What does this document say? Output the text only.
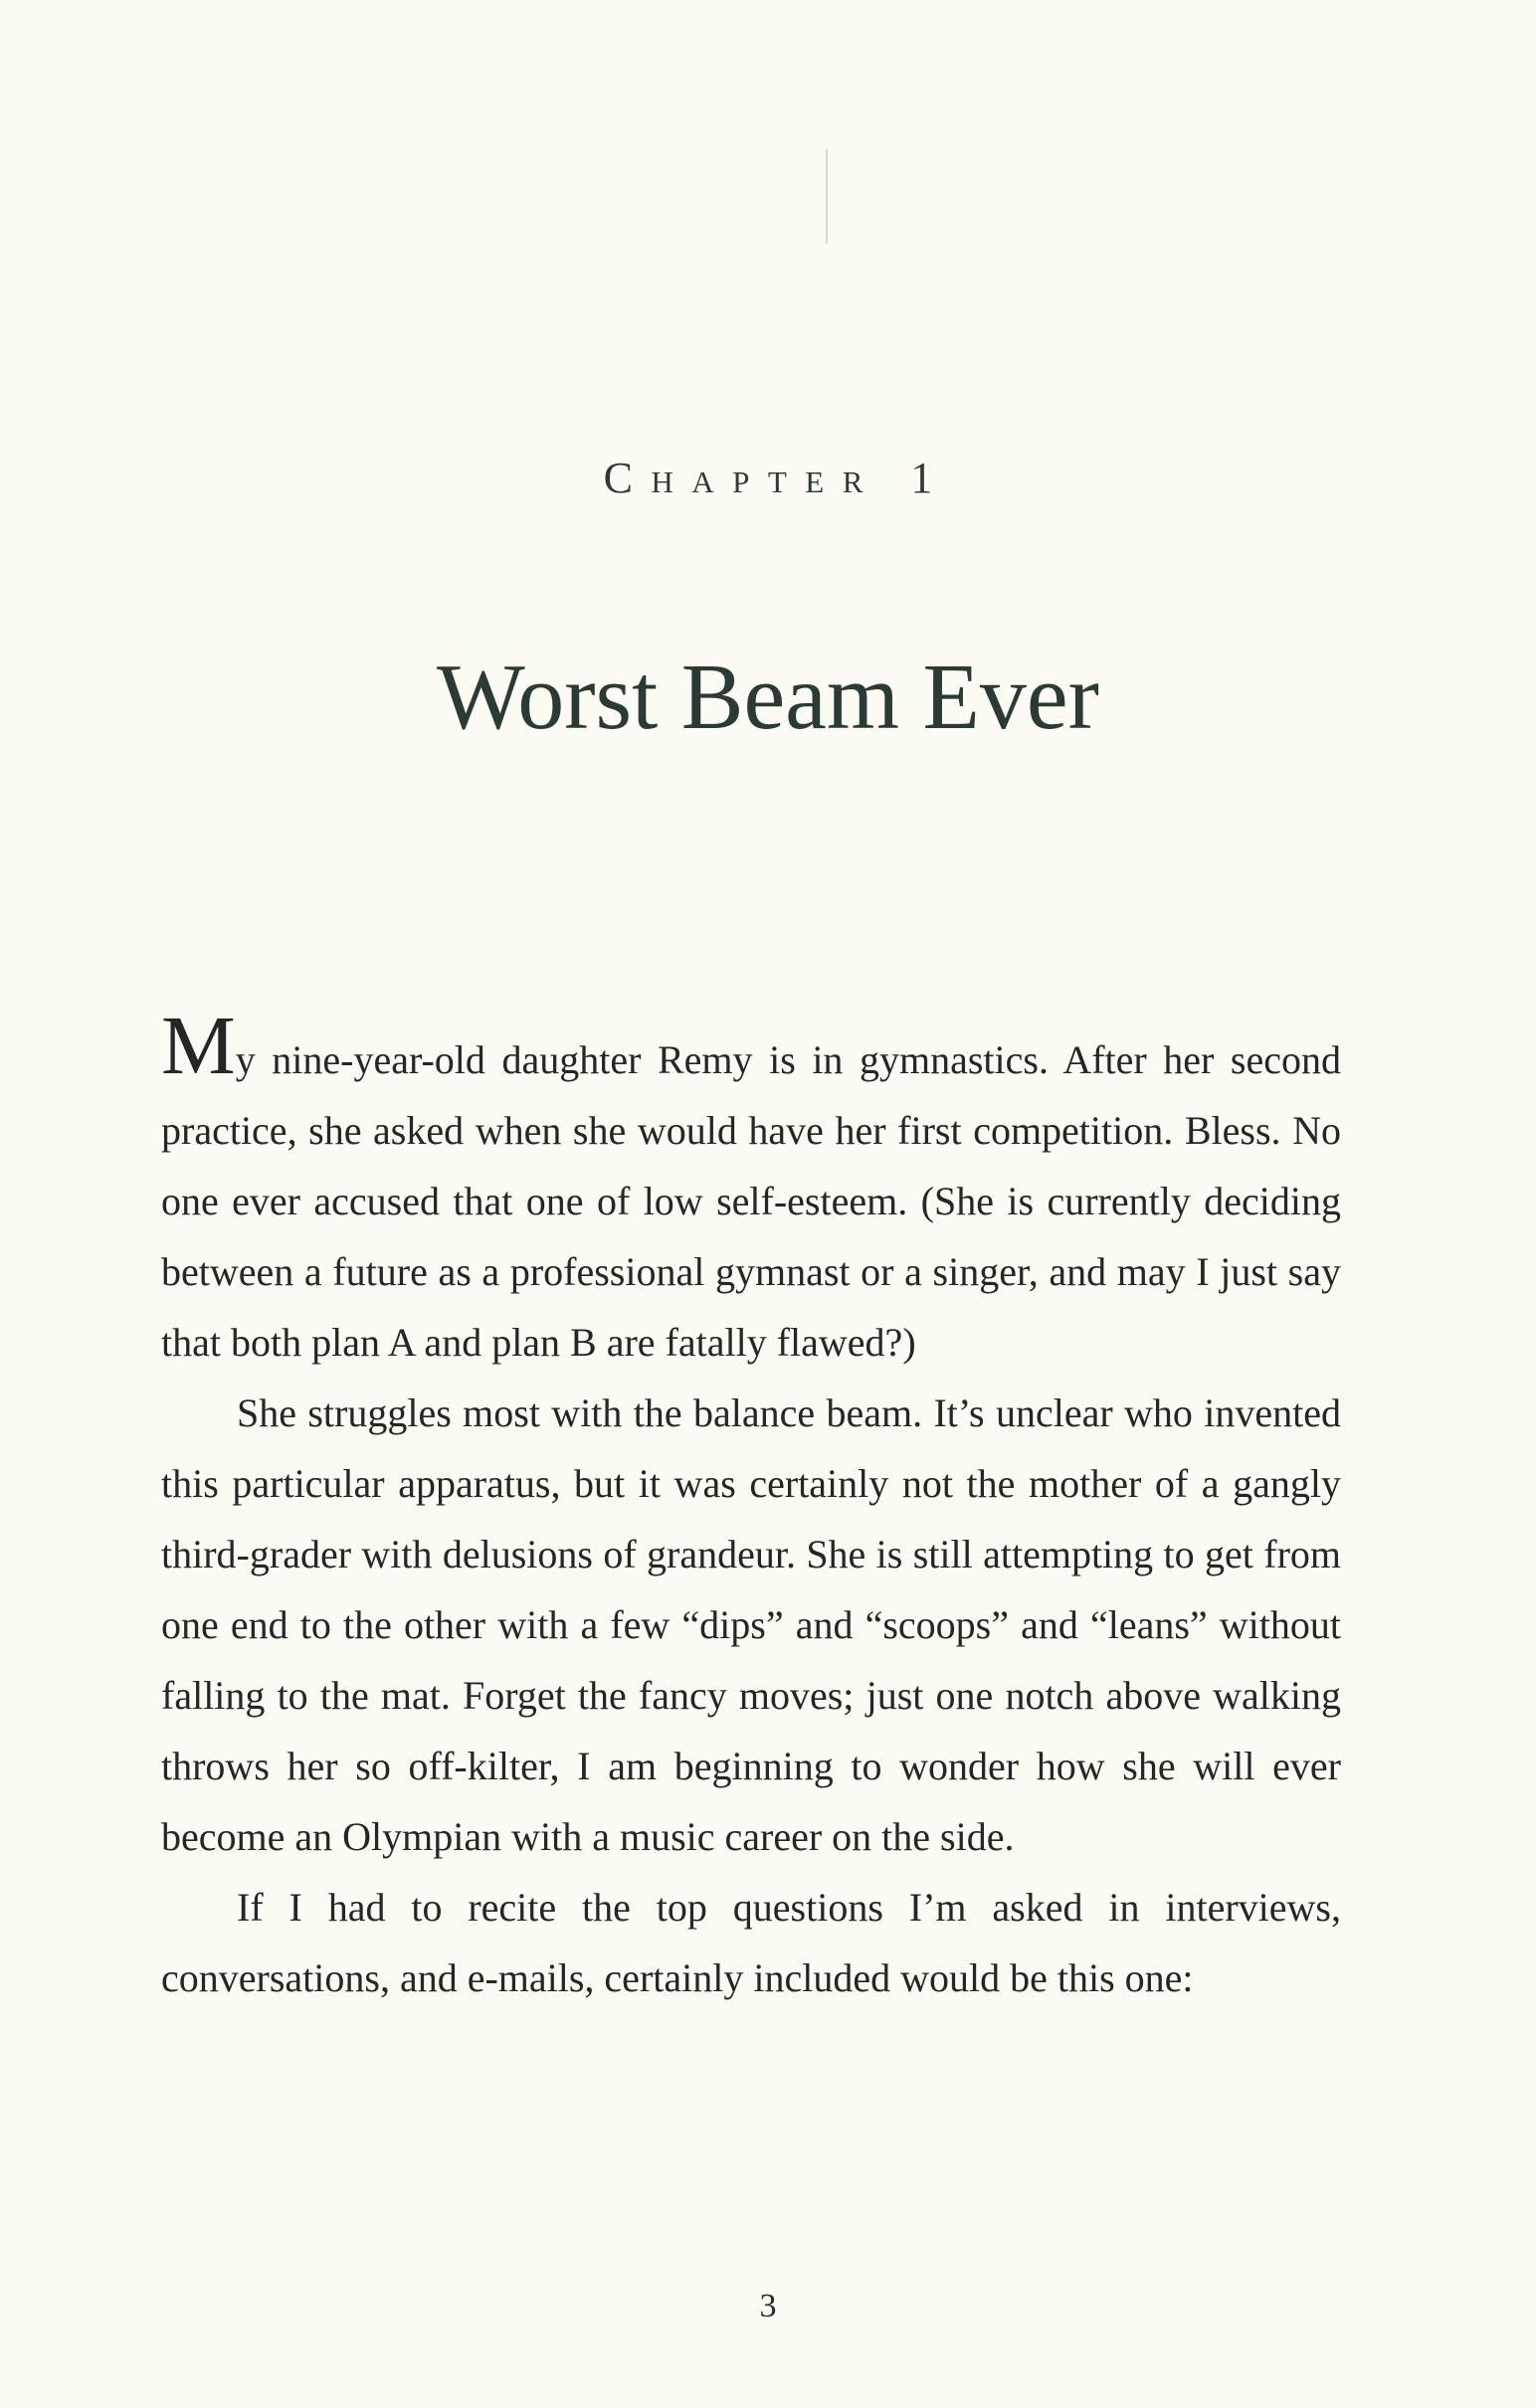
Chapter 1
Worst Beam Ever

My nine-year-old daughter Remy is in gymnastics. After her second practice, she asked when she would have her first competition. Bless. No one ever accused that one of low self-esteem. (She is currently deciding between a future as a professional gymnast or a singer, and may I just say that both plan A and plan B are fatally flawed?)

She struggles most with the balance beam. It’s unclear who invented this particular apparatus, but it was certainly not the mother of a gangly third-grader with delusions of grandeur. She is still attempting to get from one end to the other with a few “dips” and “scoops” and “leans” without falling to the mat. Forget the fancy moves; just one notch above walking throws her so off-kilter, I am beginning to wonder how she will ever become an Olympian with a music career on the side.

If I had to recite the top questions I’m asked in interviews, conversations, and e-mails, certainly included would be this one:

3
